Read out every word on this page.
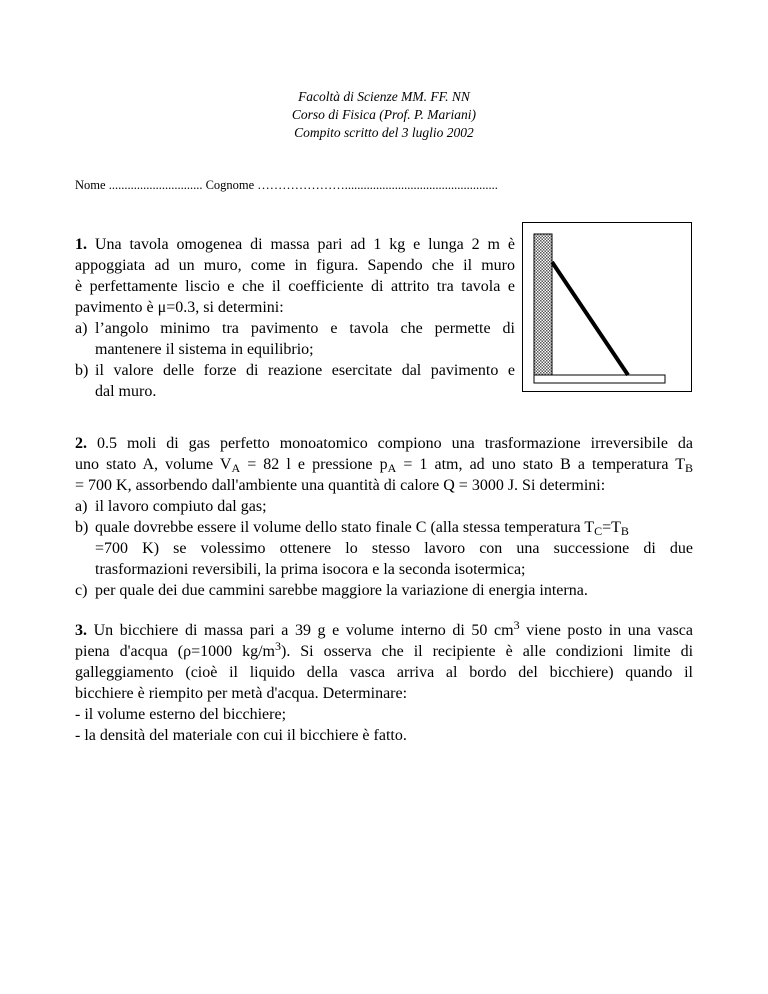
Facoltà di Scienze MM. FF. NN
Corso di Fisica (Prof. P. Mariani)
Compito scritto del 3 luglio 2002
Nome .............................. Cognome ………………….................................................

1. Una tavola omogenea di massa pari ad 1 kg e lunga 2 m è

appoggiata ad un muro, come in figura. Sapendo che il muro

è perfettamente liscio e che il coefficiente di attrito tra tavola e

pavimento è μ=0.3, si determini:

a) l’angolo minimo tra pavimento e tavola che permette di
mantenere il sistema in equilibrio;
b) il valore delle forze di reazione esercitate dal pavimento e
dal muro.

2. 0.5 moli di gas perfetto monoatomico compiono una trasformazione irreversibile da

uno stato A, volume $V_A = 82$ l e pressione $p_A = 1$ atm, ad uno stato B a temperatura $T_B$

= 700 K, assorbendo dall'ambiente una quantità di calore Q = 3000 J. Si determini:

a) il lavoro compiuto dal gas;
b) quale dovrebbe essere il volume dello stato finale C (alla stessa temperatura $T_C=T_B$
=700 K) se volessimo ottenere lo stesso lavoro con una successione di due
trasformazioni reversibili, la prima isocora e la seconda isotermica;
c) per quale dei due cammini sarebbe maggiore la variazione di energia interna.

3. Un bicchiere di massa pari a 39 g e volume interno di 50 $cm^3$ viene posto in una vasca

piena d'acqua (ρ=1000 $kg/m^3$). Si osserva che il recipiente è alle condizioni limite di

galleggiamento (cioè il liquido della vasca arriva al bordo del bicchiere) quando il

bicchiere è riempito per metà d'acqua. Determinare:

- il volume esterno del bicchiere;

- la densità del materiale con cui il bicchiere è fatto.
